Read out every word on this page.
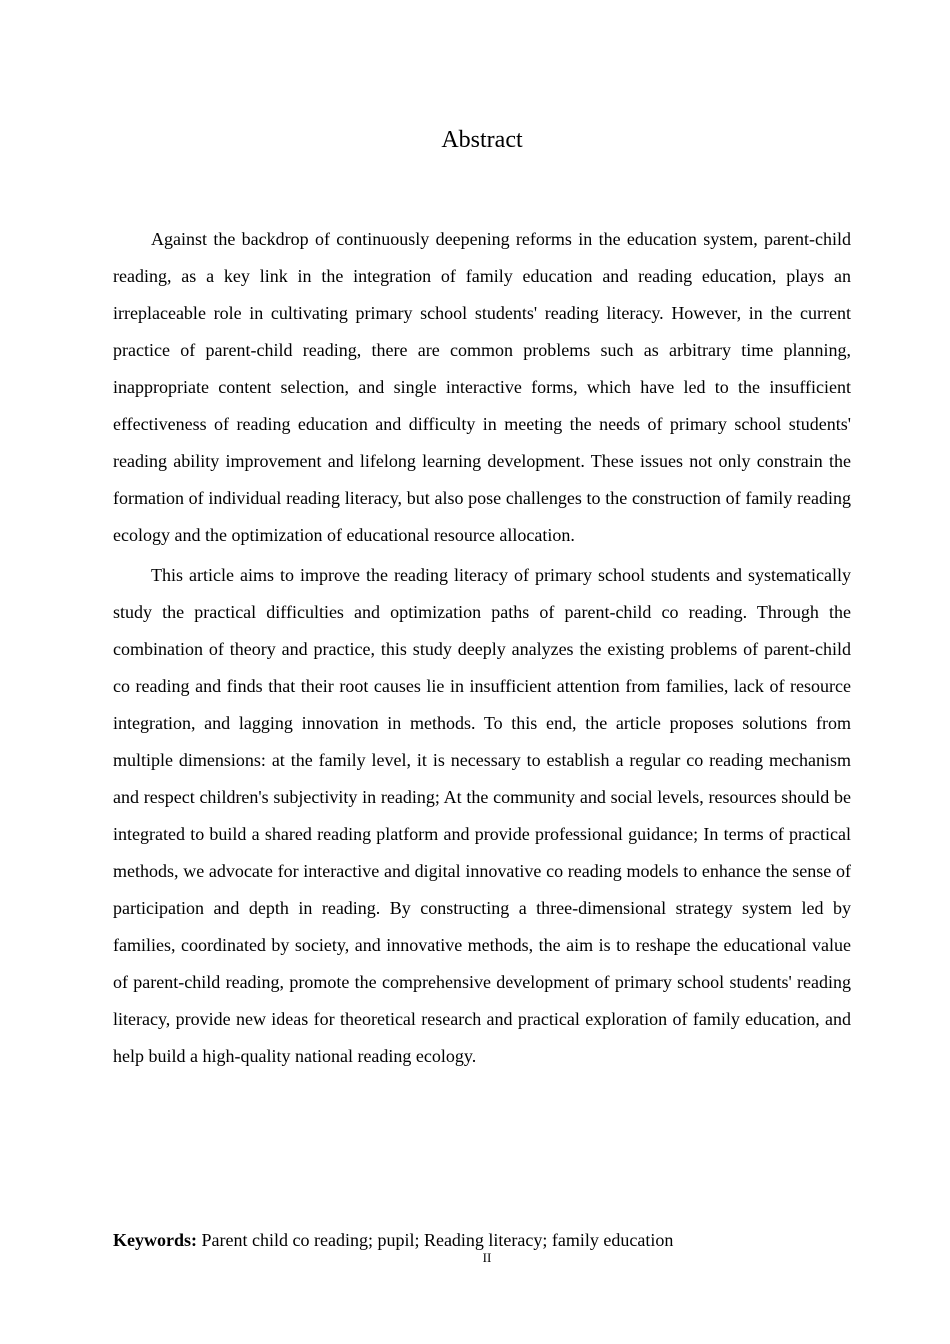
Abstract

Against the backdrop of continuously deepening reforms in the education system, parent-child reading, as a key link in the integration of family education and reading education, plays an irreplaceable role in cultivating primary school students' reading literacy. However, in the current practice of parent-child reading, there are common problems such as arbitrary time planning, inappropriate content selection, and single interactive forms, which have led to the insufficient effectiveness of reading education and difficulty in meeting the needs of primary school students' reading ability improvement and lifelong learning development. These issues not only constrain the formation of individual reading literacy, but also pose challenges to the construction of family reading ecology and the optimization of educational resource allocation.

This article aims to improve the reading literacy of primary school students and systematically study the practical difficulties and optimization paths of parent-child co reading. Through the combination of theory and practice, this study deeply analyzes the existing problems of parent-child co reading and finds that their root causes lie in insufficient attention from families, lack of resource integration, and lagging innovation in methods. To this end, the article proposes solutions from multiple dimensions: at the family level, it is necessary to establish a regular co reading mechanism and respect children's subjectivity in reading; At the community and social levels, resources should be integrated to build a shared reading platform and provide professional guidance; In terms of practical methods, we advocate for interactive and digital innovative co reading models to enhance the sense of participation and depth in reading. By constructing a three-dimensional strategy system led by families, coordinated by society, and innovative methods, the aim is to reshape the educational value of parent-child reading, promote the comprehensive development of primary school students' reading literacy, provide new ideas for theoretical research and practical exploration of family education, and help build a high-quality national reading ecology.

Keywords: Parent child co reading; pupil; Reading literacy; family education
II
